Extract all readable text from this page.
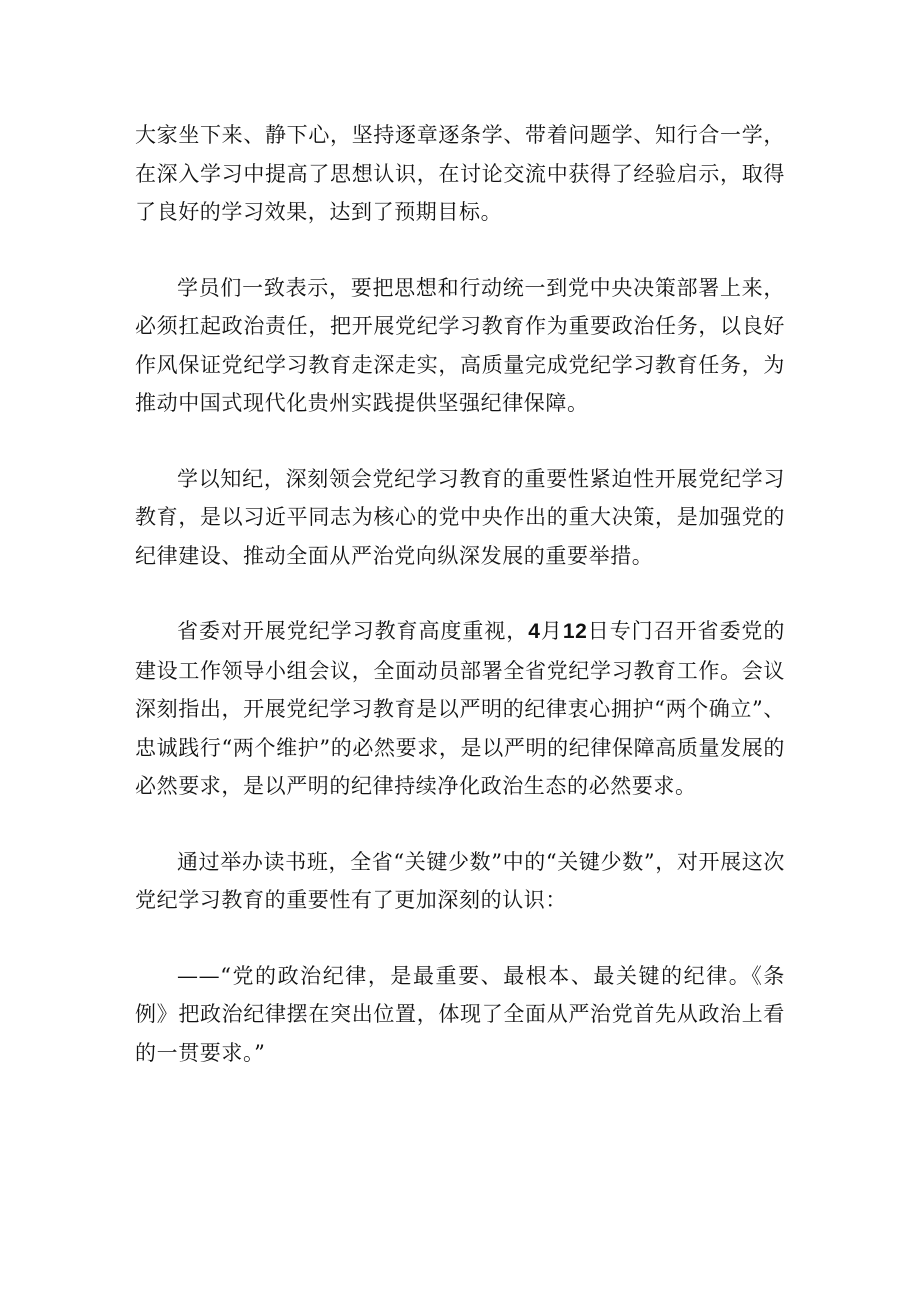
大家坐下来、静下心，坚持逐章逐条学、带着问题学、知行合一学，在深入学习中提高了思想认识，在讨论交流中获得了经验启示，取得了良好的学习效果，达到了预期目标。

学员们一致表示，要把思想和行动统一到党中央决策部署上来，必须扛起政治责任，把开展党纪学习教育作为重要政治任务，以良好作风保证党纪学习教育走深走实，高质量完成党纪学习教育任务，为推动中国式现代化贵州实践提供坚强纪律保障。

学以知纪，深刻领会党纪学习教育的重要性紧迫性开展党纪学习教育，是以习近平同志为核心的党中央作出的重大决策，是加强党的纪律建设、推动全面从严治党向纵深发展的重要举措。

省委对开展党纪学习教育高度重视，4月12日专门召开省委党的建设工作领导小组会议，全面动员部署全省党纪学习教育工作。会议深刻指出，开展党纪学习教育是以严明的纪律衷心拥护“两个确立”、忠诚践行“两个维护”的必然要求，是以严明的纪律保障高质量发展的必然要求，是以严明的纪律持续净化政治生态的必然要求。

通过举办读书班，全省“关键少数”中的“关键少数”，对开展这次党纪学习教育的重要性有了更加深刻的认识：

——“党的政治纪律，是最重要、最根本、最关键的纪律。《条例》把政治纪律摆在突出位置，体现了全面从严治党首先从政治上看的一贯要求。”
